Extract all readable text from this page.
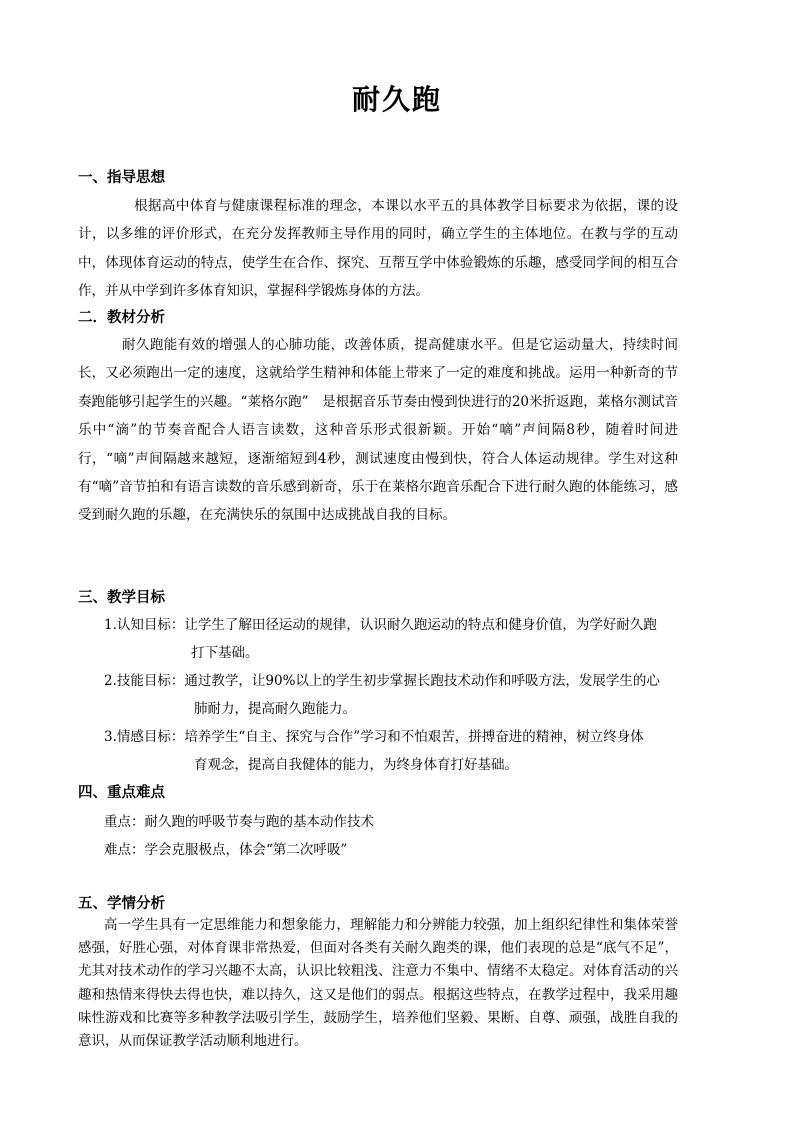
耐久跑
一、指导思想
根据高中体育与健康课程标准的理念，本课以水平五的具体教学目标要求为依据，课的设计，以多维的评价形式，在充分发挥教师主导作用的同时，确立学生的主体地位。在教与学的互动中，体现体育运动的特点，使学生在合作、探究、互帮互学中体验锻炼的乐趣，感受同学间的相互合作，并从中学到许多体育知识，掌握科学锻炼身体的方法。
二．教材分析
耐久跑能有效的增强人的心肺功能，改善体质，提高健康水平。但是它运动量大，持续时间长，又必须跑出一定的速度，这就给学生精神和体能上带来了一定的难度和挑战。运用一种新奇的节奏跑能够引起学生的兴趣。“莱格尔跑”　是根据音乐节奏由慢到快进行的20米折返跑，莱格尔测试音乐中“滴”的节奏音配合人语言读数，这种音乐形式很新颖。开始“嘀”声间隔8秒，随着时间进行，“嘀”声间隔越来越短，逐渐缩短到4秒，测试速度由慢到快，符合人体运动规律。学生对这种有“嘀”音节拍和有语言读数的音乐感到新奇，乐于在莱格尔跑音乐配合下进行耐久跑的体能练习，感受到耐久跑的乐趣，在充满快乐的氛围中达成挑战自我的目标。
三、教学目标
1.认知目标：让学生了解田径运动的规律，认识耐久跑运动的特点和健身价值，为学好耐久跑
打下基础。
2.技能目标：通过教学，让90%以上的学生初步掌握长跑技术动作和呼吸方法，发展学生的心
肺耐力，提高耐久跑能力。
3.情感目标：培养学生“自主、探究与合作”学习和不怕艰苦，拼搏奋进的精神，树立终身体
育观念，提高自我健体的能力，为终身体育打好基础。
四、重点难点
重点：耐久跑的呼吸节奏与跑的基本动作技术
难点：学会克服极点，体会“第二次呼吸”
五、学情分析
高一学生具有一定思维能力和想象能力，理解能力和分辨能力较强，加上组织纪律性和集体荣誉感强，好胜心强，对体育课非常热爱，但面对各类有关耐久跑类的课，他们表现的总是“底气不足”，尤其对技术动作的学习兴趣不太高，认识比较粗浅、注意力不集中、情绪不太稳定。对体育活动的兴趣和热情来得快去得也快，难以持久，这又是他们的弱点。根据这些特点，在教学过程中，我采用趣味性游戏和比赛等多种教学法吸引学生，鼓励学生，培养他们坚毅、果断、自尊、顽强，战胜自我的意识，从而保证教学活动顺利地进行。
